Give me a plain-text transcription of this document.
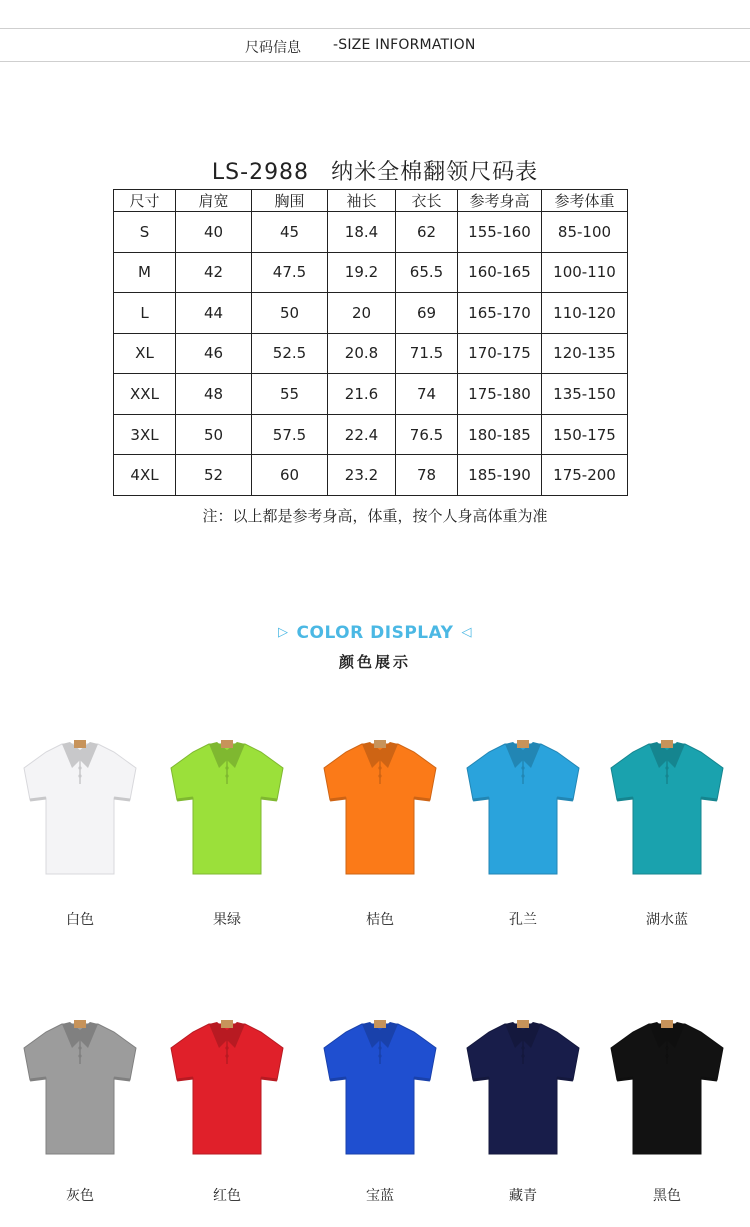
尺码信息 -SIZE INFORMATION
LS-2988 纳米全棉翻领尺码表
尺寸	肩宽	胸围	袖长	衣长	参考身高	参考体重
S	40	45	18.4	62	155-160	85-100
M	42	47.5	19.2	65.5	160-165	100-110
L	44	50	20	69	165-170	110-120
XL	46	52.5	20.8	71.5	170-175	120-135
XXL	48	55	21.6	74	175-180	135-150
3XL	50	57.5	22.4	76.5	180-185	150-175
4XL	52	60	23.2	78	185-190	175-200
注：以上都是参考身高，体重，按个人身高体重为准
▷ COLOR DISPLAY ◁
颜色展示
白色	果绿	桔色	孔兰	湖水蓝
灰色	红色	宝蓝	藏青	黑色
